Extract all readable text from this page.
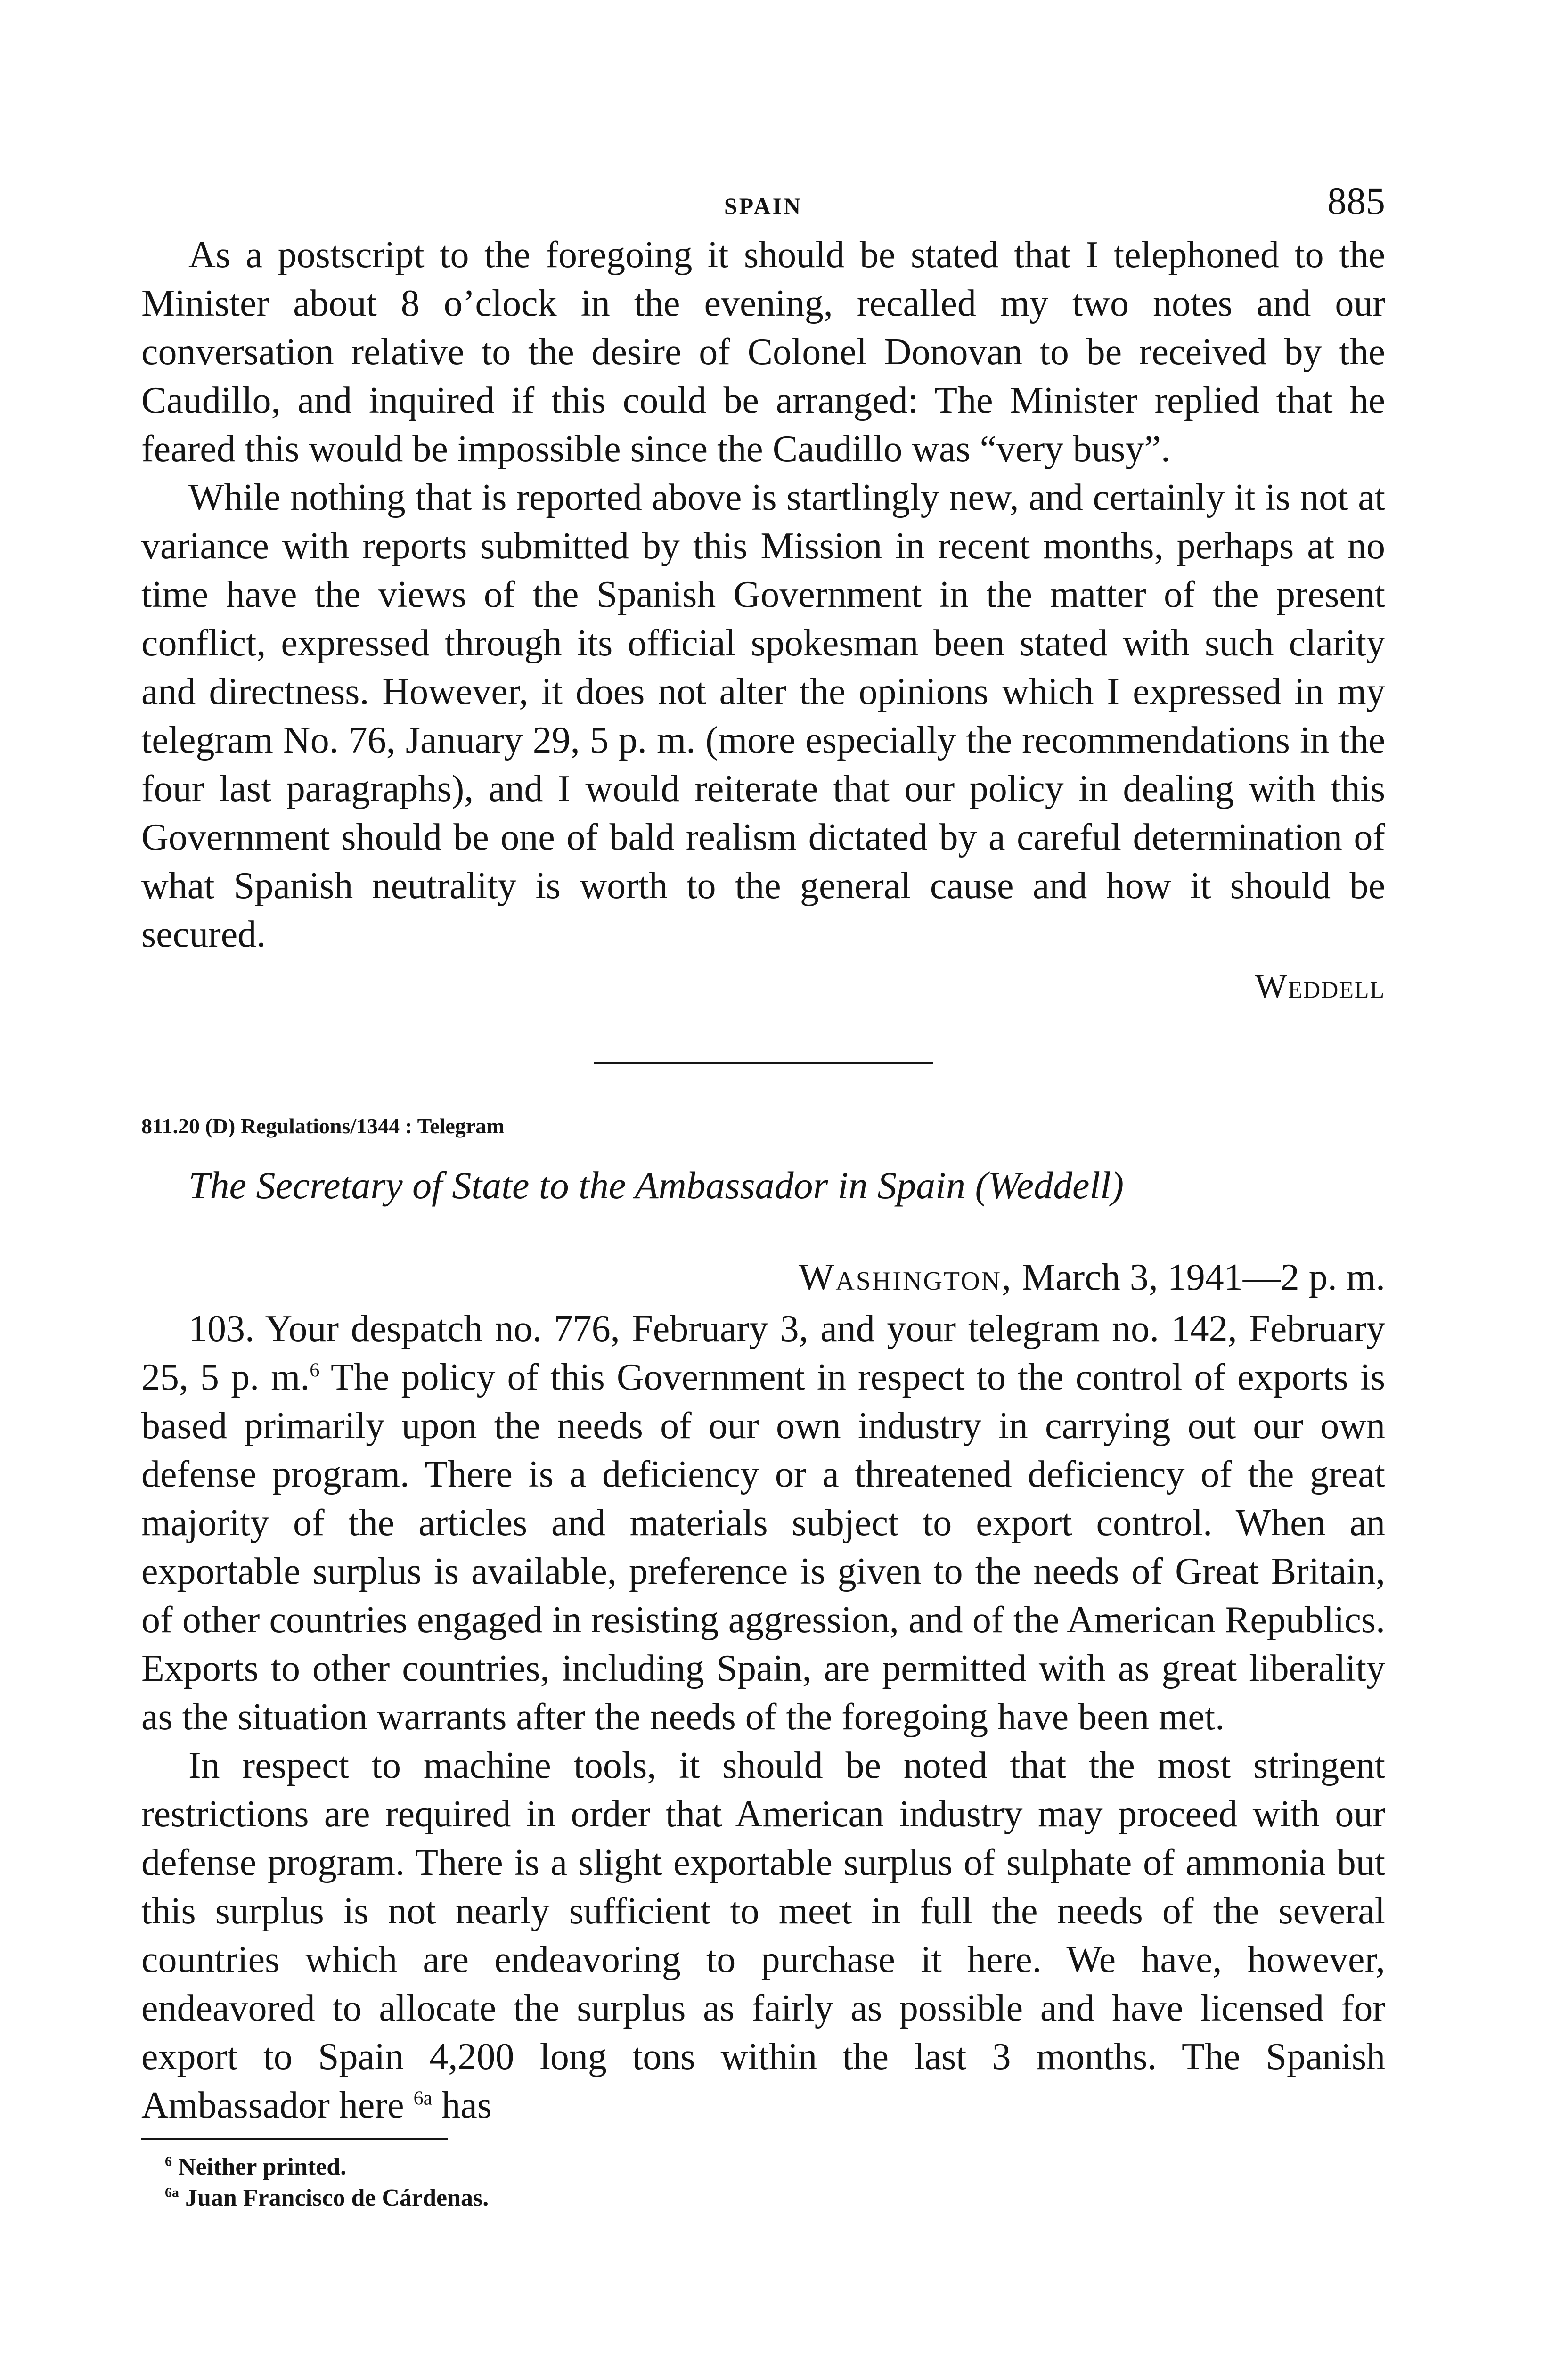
SPAIN	885

As a postscript to the foregoing it should be stated that I telephoned to the Minister about 8 o’clock in the evening, recalled my two notes and our conversation relative to the desire of Colonel Donovan to be received by the Caudillo, and inquired if this could be arranged: The Minister replied that he feared this would be impossible since the Caudillo was “very busy”.

While nothing that is reported above is startlingly new, and certainly it is not at variance with reports submitted by this Mission in recent months, perhaps at no time have the views of the Spanish Government in the matter of the present conflict, expressed through its official spokesman been stated with such clarity and directness. However, it does not alter the opinions which I expressed in my telegram No. 76, January 29, 5 p. m. (more especially the recommendations in the four last paragraphs), and I would reiterate that our policy in dealing with this Government should be one of bald realism dictated by a careful determination of what Spanish neutrality is worth to the general cause and how it should be secured.

Weddell
811.20 (D) Regulations/1344 : Telegram
The Secretary of State to the Ambassador in Spain (Weddell)
Washington, March 3, 1941—2 p. m.

103. Your despatch no. 776, February 3, and your telegram no. 142, February 25, 5 p. m.$^6$ The policy of this Government in respect to the control of exports is based primarily upon the needs of our own industry in carrying out our own defense program. There is a deficiency or a threatened deficiency of the great majority of the articles and materials subject to export control. When an exportable surplus is available, preference is given to the needs of Great Britain, of other countries engaged in resisting aggression, and of the American Republics. Exports to other countries, including Spain, are permitted with as great liberality as the situation warrants after the needs of the foregoing have been met.

In respect to machine tools, it should be noted that the most stringent restrictions are required in order that American industry may proceed with our defense program. There is a slight exportable surplus of sulphate of ammonia but this surplus is not nearly sufficient to meet in full the needs of the several countries which are endeavoring to purchase it here. We have, however, endeavored to allocate the surplus as fairly as possible and have licensed for export to Spain 4,200 long tons within the last 3 months. The Spanish Ambassador here $^{6a}$ has

$^6$ Neither printed.
$^{6a}$ Juan Francisco de Cárdenas.
